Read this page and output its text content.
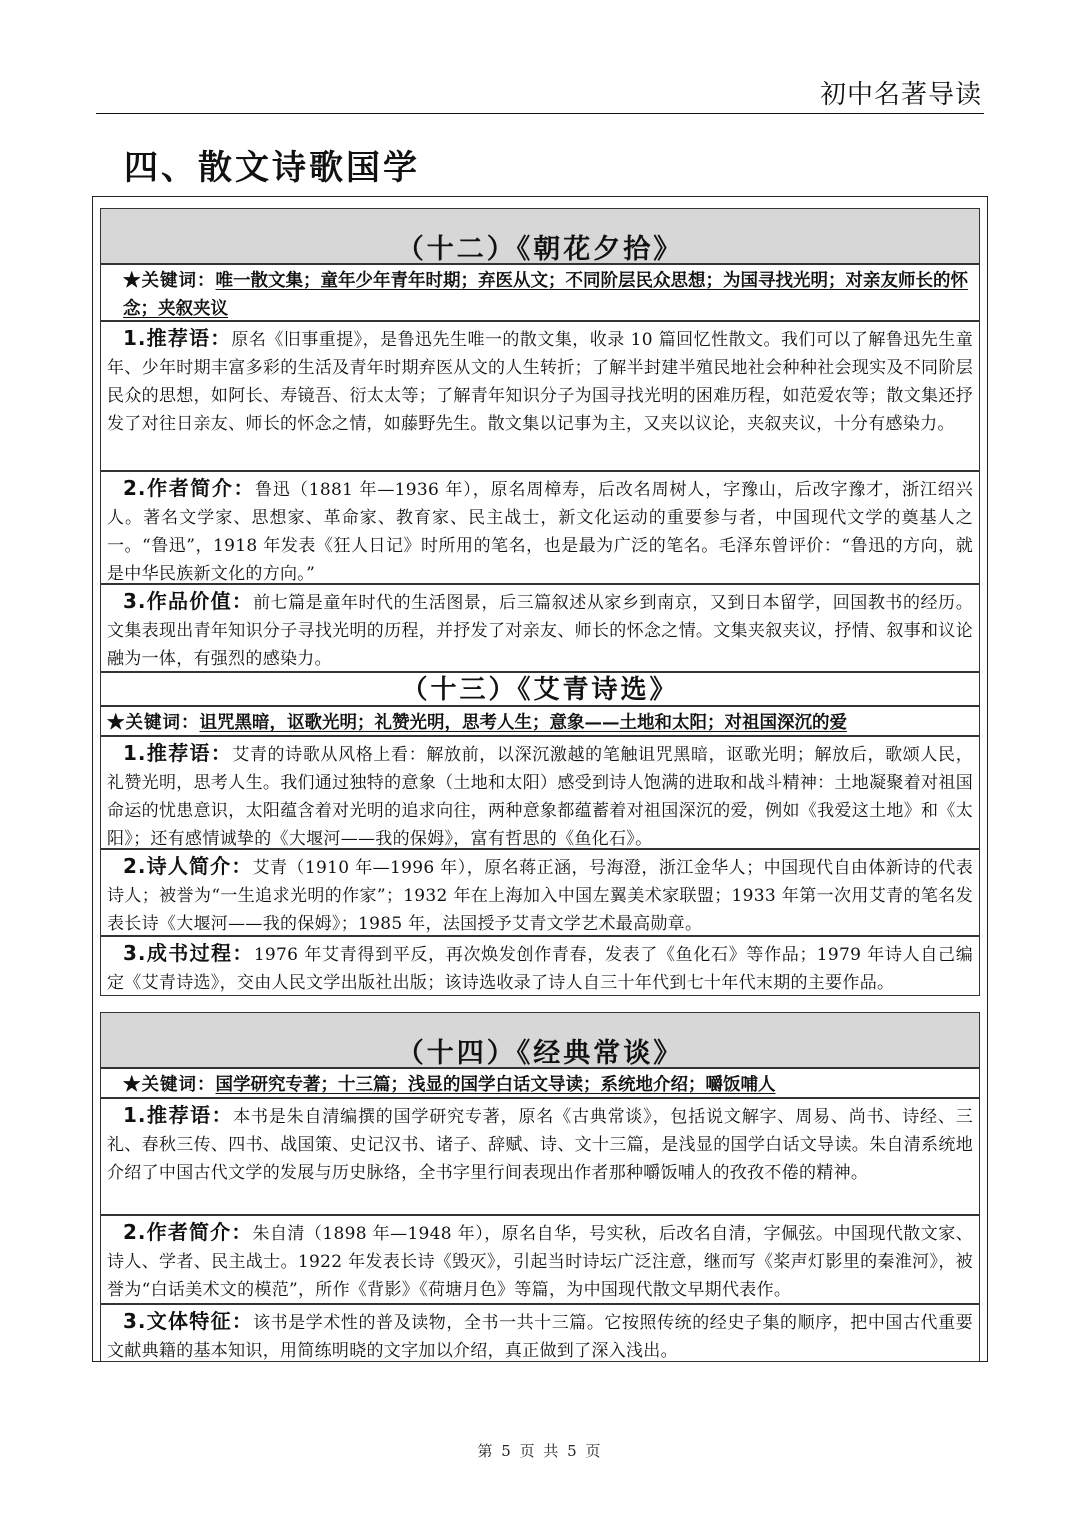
初中名著导读
四、散文诗歌国学
（十二）《朝花夕拾》
★关键词：唯一散文集；童年少年青年时期；弃医从文；不同阶层民众思想；为国寻找光明；对亲友师长的怀念；夹叙夹议
1.推荐语：原名《旧事重提》，是鲁迅先生唯一的散文集，收录 10 篇回忆性散文。我们可以了解鲁迅先生童年、少年时期丰富多彩的生活及青年时期弃医从文的人生转折；了解半封建半殖民地社会种种社会现实及不同阶层民众的思想，如阿长、寿镜吾、衍太太等；了解青年知识分子为国寻找光明的困难历程，如范爱农等；散文集还抒发了对往日亲友、师长的怀念之情，如藤野先生。散文集以记事为主，又夹以议论，夹叙夹议，十分有感染力。
2.作者简介：鲁迅（1881 年—1936 年），原名周樟寿，后改名周树人，字豫山，后改字豫才，浙江绍兴人。著名文学家、思想家、革命家、教育家、民主战士，新文化运动的重要参与者，中国现代文学的奠基人之一。“鲁迅”，1918 年发表《狂人日记》时所用的笔名，也是最为广泛的笔名。毛泽东曾评价：“鲁迅的方向，就是中华民族新文化的方向。”
3.作品价值：前七篇是童年时代的生活图景，后三篇叙述从家乡到南京，又到日本留学，回国教书的经历。文集表现出青年知识分子寻找光明的历程，并抒发了对亲友、师长的怀念之情。文集夹叙夹议，抒情、叙事和议论融为一体，有强烈的感染力。
（十三）《艾青诗选》
★关键词：诅咒黑暗，讴歌光明；礼赞光明，思考人生；意象——土地和太阳；对祖国深沉的爱
1.推荐语：艾青的诗歌从风格上看：解放前，以深沉激越的笔触诅咒黑暗，讴歌光明；解放后，歌颂人民，礼赞光明，思考人生。我们通过独特的意象（土地和太阳）感受到诗人饱满的进取和战斗精神：土地凝聚着对祖国命运的忧患意识，太阳蕴含着对光明的追求向往，两种意象都蕴蓄着对祖国深沉的爱，例如《我爱这土地》和《太阳》；还有感情诚挚的《大堰河——我的保姆》，富有哲思的《鱼化石》。
2.诗人简介：艾青（1910 年—1996 年），原名蒋正涵，号海澄，浙江金华人；中国现代自由体新诗的代表诗人；被誉为“一生追求光明的作家”；1932 年在上海加入中国左翼美术家联盟；1933 年第一次用艾青的笔名发表长诗《大堰河——我的保姆》；1985 年，法国授予艾青文学艺术最高勋章。
3.成书过程：1976 年艾青得到平反，再次焕发创作青春，发表了《鱼化石》等作品；1979 年诗人自己编定《艾青诗选》，交由人民文学出版社出版；该诗选收录了诗人自三十年代到七十年代末期的主要作品。
（十四）《经典常谈》
★关键词：国学研究专著；十三篇；浅显的国学白话文导读；系统地介绍；嚼饭哺人
1.推荐语：本书是朱自清编撰的国学研究专著，原名《古典常谈》，包括说文解字、周易、尚书、诗经、三礼、春秋三传、四书、战国策、史记汉书、诸子、辞赋、诗、文十三篇，是浅显的国学白话文导读。朱自清系统地介绍了中国古代文学的发展与历史脉络，全书字里行间表现出作者那种嚼饭哺人的孜孜不倦的精神。
2.作者简介：朱自清（1898 年—1948 年），原名自华，号实秋，后改名自清，字佩弦。中国现代散文家、诗人、学者、民主战士。1922 年发表长诗《毁灭》，引起当时诗坛广泛注意，继而写《桨声灯影里的秦淮河》，被誉为“白话美术文的模范”，所作《背影》《荷塘月色》等篇，为中国现代散文早期代表作。
3.文体特征：该书是学术性的普及读物，全书一共十三篇。它按照传统的经史子集的顺序，把中国古代重要文献典籍的基本知识，用简练明晓的文字加以介绍，真正做到了深入浅出。
第 5 页 共 5 页
